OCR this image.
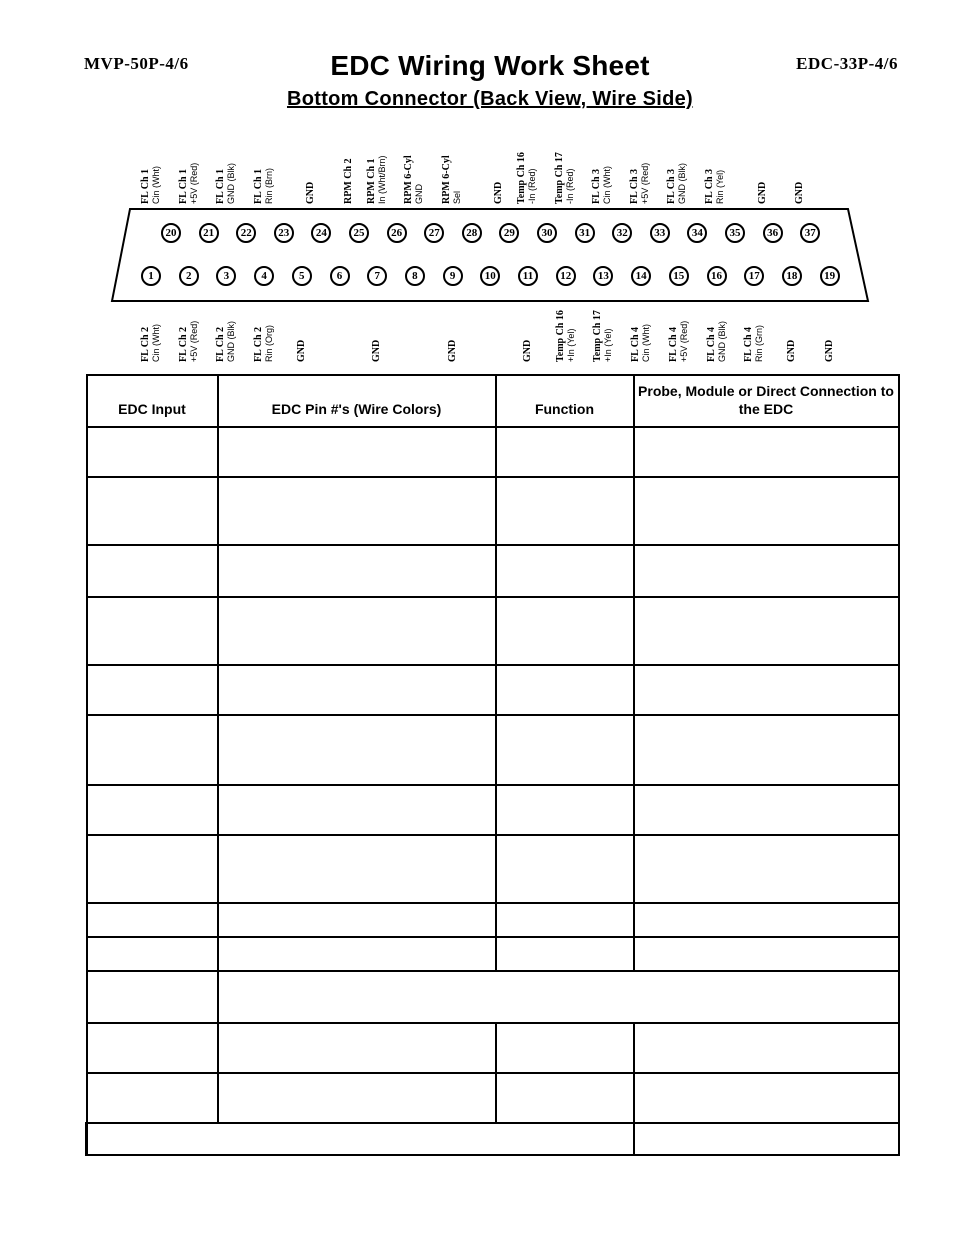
MVP-50P-4/6	EDC-33P-4/6
EDC Wiring Work Sheet
Bottom Connector (Back View, Wire Side)
20	21	22	23	24	25	26	27	28	29	30	31	32	33	34	35	36	37
1	2	3	4	5	6	7	8	9	10	11	12	13	14	15	16	17	18	19
FL Ch 1 Cin (Wht) FL Ch 1 +5V (Red) FL Ch 1 GND (Blk) FL Ch 1 Rin (Brn)	GND	RPM Ch 2 RPM Ch 1 In (Wht/Brn) RPM 6-Cyl GND RPM 6-Cyl Sel	GND Temp Ch 16 -In (Red) Temp Ch 17 -In (Red) FL Ch 3 Cin (Wht) FL Ch 3 +5V (Red) FL Ch 3 GND (Blk) FL Ch 3 Rin (Yel)	GND	GND
FL Ch 2 Cin (Wht) FL Ch 2 +5V (Red) FL Ch 2 GND (Blk) FL Ch 2 Rin (Org) GND	GND	GND	GND Temp Ch 16 +In (Yel) Temp Ch 17 +In (Yel) FL Ch 4 Cin (Wht) FL Ch 4 +5V (Red) FL Ch 4 GND (Blk) FL Ch 4 Rin (Grn) GND	GND
EDC Input	EDC Pin #'s (Wire Colors)	Function	Probe, Module or Direct Connection to the EDC
